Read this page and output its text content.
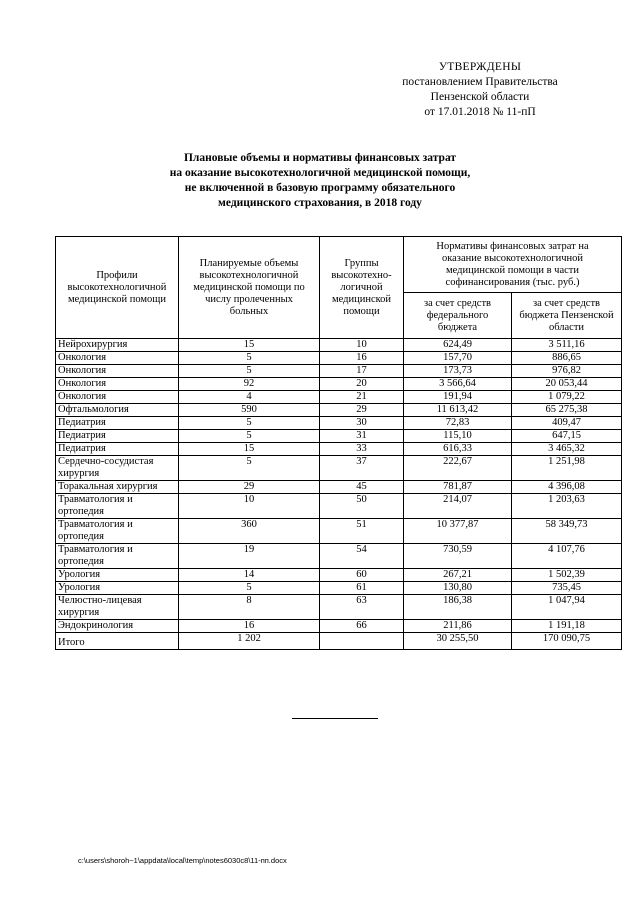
УТВЕРЖДЕНЫ
постановлением Правительства
Пензенской области
от 17.01.2018 № 11-пП
Плановые объемы и нормативы финансовых затрат
на оказание высокотехнологичной медицинской помощи,
не включенной в базовую программу обязательного
медицинского страхования, в 2018 году
Профили высокотехнологичной медицинской помощи	Планируемые объемы высокотехнологичной медицинской помощи по числу пролеченных больных	Группы высокотехно-логичной медицинской помощи	Нормативы финансовых затрат на оказание высокотехнологичной медицинской помощи в части софинансирования (тыс. руб.)	
			за счет средств федерального бюджета	за счет средств бюджета Пензенской области
Нейрохирургия	15	10	624,49	3 511,16
Онкология	5	16	157,70	886,65
Онкология	5	17	173,73	976,82
Онкология	92	20	3 566,64	20 053,44
Онкология	4	21	191,94	1 079,22
Офтальмология	590	29	11 613,42	65 275,38
Педиатрия	5	30	72,83	409,47
Педиатрия	5	31	115,10	647,15
Педиатрия	15	33	616,33	3 465,32
Сердечно-сосудистая хирургия	5	37	222,67	1 251,98
Торакальная хирургия	29	45	781,87	4 396,08
Травматология и ортопедия	10	50	214,07	1 203,63
Травматология и ортопедия	360	51	10 377,87	58 349,73
Травматология и ортопедия	19	54	730,59	4 107,76
Урология	14	60	267,21	1 502,39
Урология	5	61	130,80	735,45
Челюстно-лицевая хирургия	8	63	186,38	1 047,94
Эндокринология	16	66	211,86	1 191,18
Итого	1 202		30 255,50	170 090,75
c:\users\shoroh~1\appdata\local\temp\notes6030c8\11-пп.docx
